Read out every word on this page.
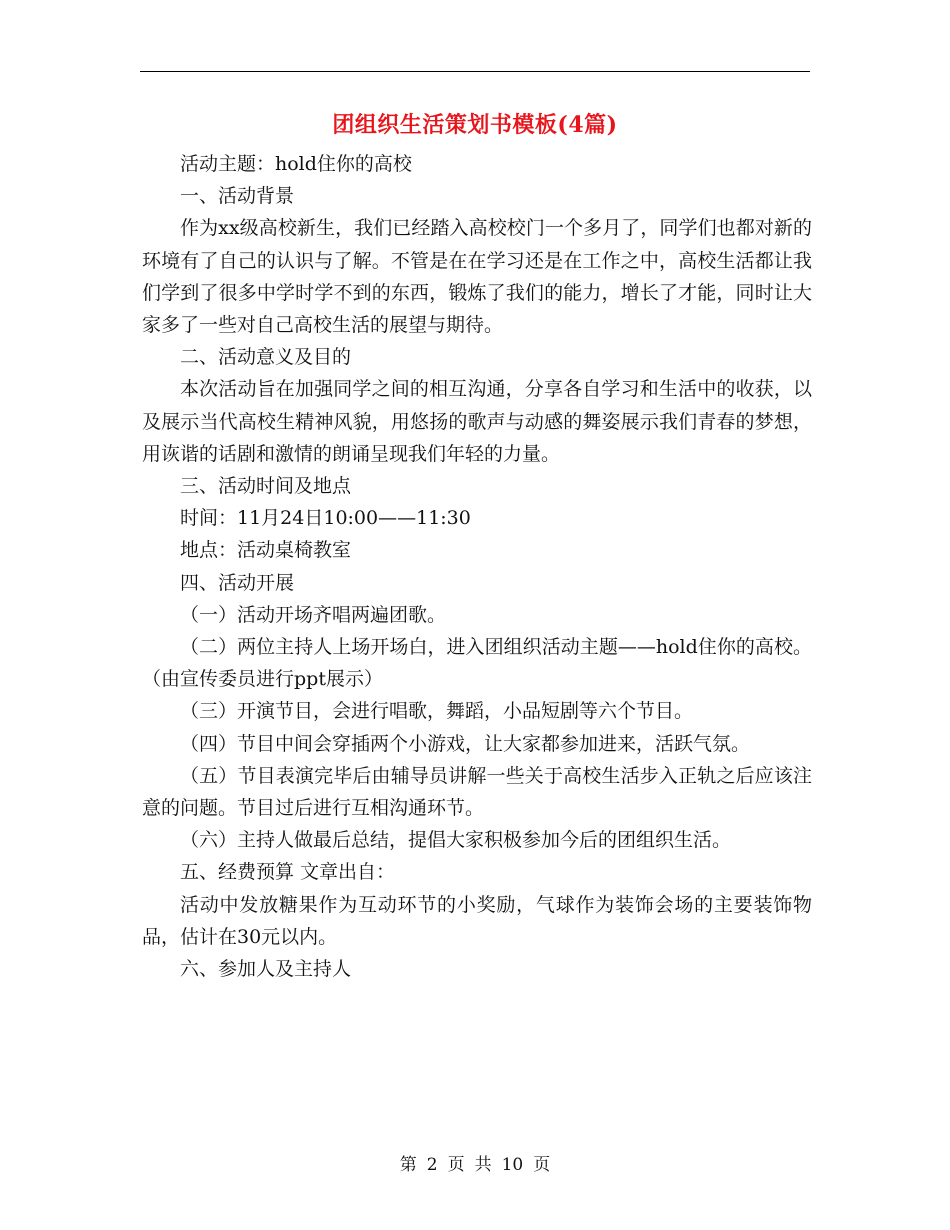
团组织生活策划书模板(4篇)

活动主题：hold住你的高校

一、活动背景

作为xx级高校新生，我们已经踏入高校校门一个多月了，同学们也都对新的环境有了自己的认识与了解。不管是在在学习还是在工作之中，高校生活都让我们学到了很多中学时学不到的东西，锻炼了我们的能力，增长了才能，同时让大家多了一些对自己高校生活的展望与期待。

二、活动意义及目的

本次活动旨在加强同学之间的相互沟通，分享各自学习和生活中的收获，以及展示当代高校生精神风貌，用悠扬的歌声与动感的舞姿展示我们青春的梦想，用诙谐的话剧和激情的朗诵呈现我们年轻的力量。

三、活动时间及地点

时间：11月24日10:00——11:30

地点：活动桌椅教室

四、活动开展

（一）活动开场齐唱两遍团歌。

（二）两位主持人上场开场白，进入团组织活动主题——hold住你的高校。（由宣传委员进行ppt展示）

（三）开演节目，会进行唱歌，舞蹈，小品短剧等六个节目。

（四）节目中间会穿插两个小游戏，让大家都参加进来，活跃气氛。

（五）节目表演完毕后由辅导员讲解一些关于高校生活步入正轨之后应该注意的问题。节目过后进行互相沟通环节。

（六）主持人做最后总结，提倡大家积极参加今后的团组织生活。

五、经费预算 文章出自：

活动中发放糖果作为互动环节的小奖励，气球作为装饰会场的主要装饰物品，估计在30元以内。

六、参加人及主持人

第 2 页 共 10 页
